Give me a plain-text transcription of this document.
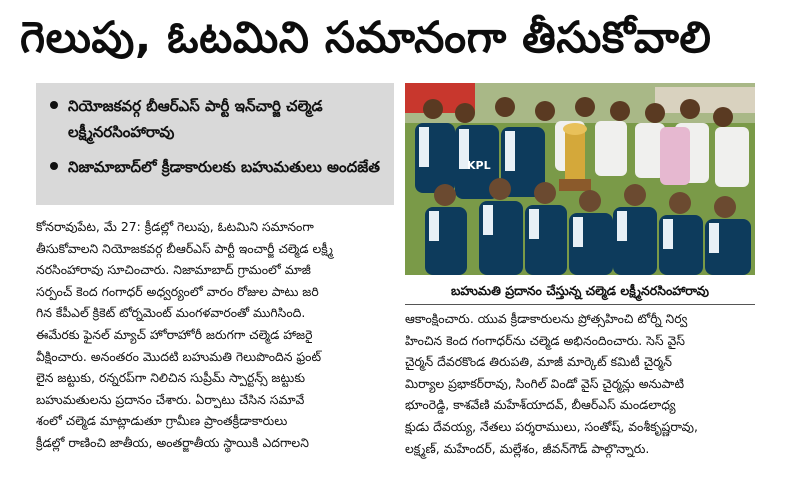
గెలుపు, ఓటమిని సమానంగా తీసుకోవాలి
నియోజకవర్గ బీఆర్ఎస్ పార్టీ ఇన్‌చార్జి చల్మెడ లక్ష్మీనరసింహారావు
నిజామాబాద్‌లో క్రీడాకారులకు బహుమతులు అందజేత
కోనరావుపేట, మే 27: క్రీడల్లో గెలుపు, ఓటమిని సమానంగా
తీసుకోవాలని నియోజకవర్గ బీఆర్ఎస్ పార్టీ ఇంచార్జీ చల్మెడ లక్ష్మీ
నరసింహారావు సూచించారు. నిజామాబాద్ గ్రామంలో మాజీ
సర్పంచ్ కెంద గంగాధర్ అధ్వర్యంలో వారం రోజుల పాటు జరి
గిన కేపీఎల్ క్రికెట్ టోర్నమెంట్ మంగళవారంతో ముగిసింది.
ఈమేరకు ఫైనల్ మ్యాచ్ హోరాహోరీ జరుగగా చల్మెడ హాజరై
వీక్షించారు. అనంతరం మొదటి బహుమతి గెలుపొందిన ఫ్రంట్
లైన జట్టుకు, రన్నరప్‌గా నిలిచిన సుప్రీమ్ స్పార్టన్స్ జట్టుకు
బహుమతులను ప్రదానం చేశారు. ఏర్పాటు చేసిన సమావే
శంలో చల్మెడ మాట్లాడుతూ గ్రామీణ ప్రాంతక్రీడాకారులు
క్రీడల్లో రాణించి జాతీయ, అంతర్జాతీయ స్థాయికి ఎదగాలని
KPL
బహుమతి ప్రదానం చేస్తున్న చల్మెడ లక్ష్మీనరసింహారావు
ఆకాంక్షించారు. యువ క్రీడాకారులను ప్రోత్సహించి టోర్నీ నిర్వ
హించిన కెంద గంగాధర్‌ను చల్మెడ అభినందించారు. సెస్ వైస్
చైర్మన్ దేవరకొండ తిరుపతి, మాజీ మార్కెట్ కమిటీ చైర్మన్
మిర్యాల ప్రభాకర్‌రావు, సింగిల్ విండో వైస్ చైర్మన్లు అనుపాటి
భూంరెడ్డి, కాశవేణి మహేశ్‌యాదవ్, బీఆర్ఎస్ మండలాధ్య
క్షుడు దేవయ్య, నేతలు పర్శరాములు, సంతోష్, వంశీకృష్ణరావు,
లక్ష్మణ్, మహేందర్, మల్లేశం, జీవన్‌గౌడ్ పాల్గొన్నారు.
